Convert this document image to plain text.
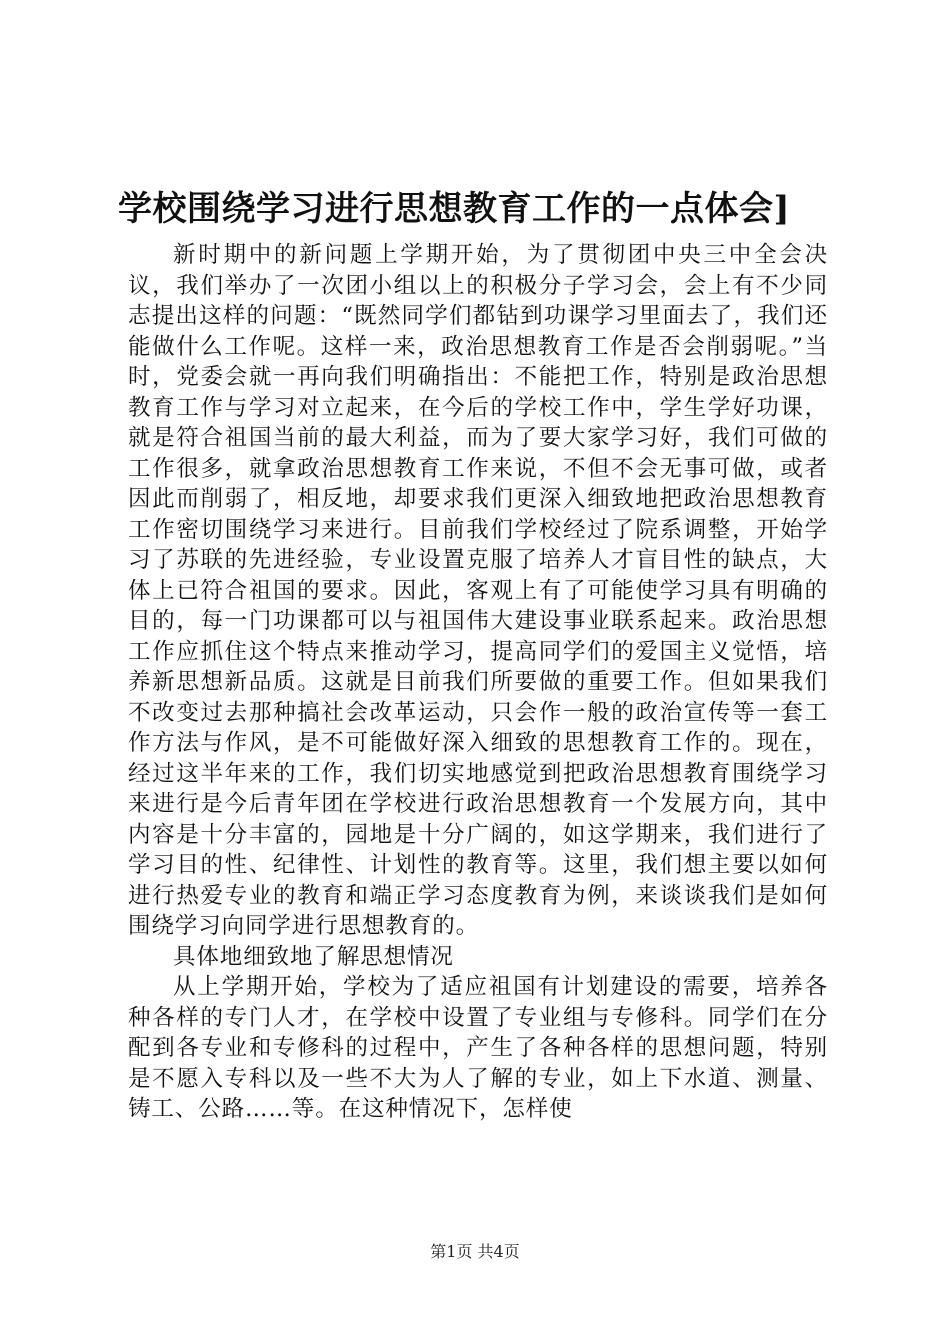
学校围绕学习进行思想教育工作的一点体会]

新时期中的新问题上学期开始，为了贯彻团中央三中全会决议，我们举办了一次团小组以上的积极分子学习会，会上有不少同志提出这样的问题：“既然同学们都钻到功课学习里面去了，我们还能做什么工作呢。这样一来，政治思想教育工作是否会削弱呢。”当时，党委会就一再向我们明确指出：不能把工作，特别是政治思想教育工作与学习对立起来，在今后的学校工作中，学生学好功课，就是符合祖国当前的最大利益，而为了要大家学习好，我们可做的工作很多，就拿政治思想教育工作来说，不但不会无事可做，或者因此而削弱了，相反地，却要求我们更深入细致地把政治思想教育工作密切围绕学习来进行。目前我们学校经过了院系调整，开始学习了苏联的先进经验，专业设置克服了培养人才盲目性的缺点，大体上已符合祖国的要求。因此，客观上有了可能使学习具有明确的目的，每一门功课都可以与祖国伟大建设事业联系起来。政治思想工作应抓住这个特点来推动学习，提高同学们的爱国主义觉悟，培养新思想新品质。这就是目前我们所要做的重要工作。但如果我们不改变过去那种搞社会改革运动，只会作一般的政治宣传等一套工作方法与作风，是不可能做好深入细致的思想教育工作的。现在，经过这半年来的工作，我们切实地感觉到把政治思想教育围绕学习来进行是今后青年团在学校进行政治思想教育一个发展方向，其中内容是十分丰富的，园地是十分广阔的，如这学期来，我们进行了学习目的性、纪律性、计划性的教育等。这里，我们想主要以如何进行热爱专业的教育和端正学习态度教育为例，来谈谈我们是如何围绕学习向同学进行思想教育的。

具体地细致地了解思想情况

从上学期开始，学校为了适应祖国有计划建设的需要，培养各种各样的专门人才，在学校中设置了专业组与专修科。同学们在分配到各专业和专修科的过程中，产生了各种各样的思想问题，特别是不愿入专科以及一些不大为人了解的专业，如上下水道、测量、铸工、公路……等。在这种情况下，怎样使

第1页 共4页
